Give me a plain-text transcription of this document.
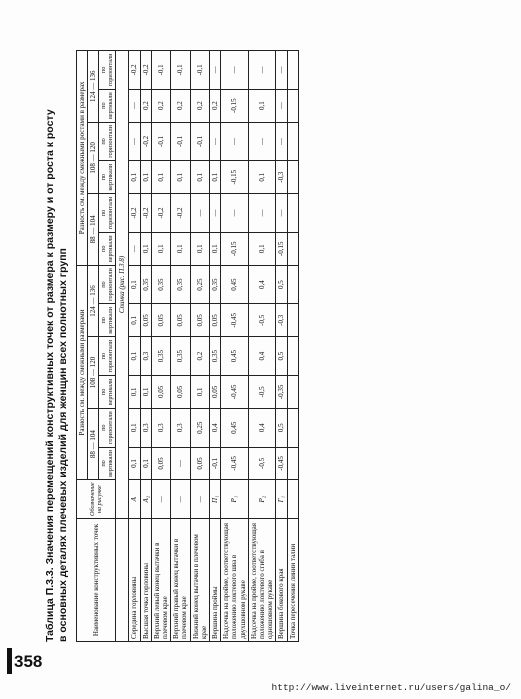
Таблица П.3.3. Значения перемещений конструктивных точек от размера к размеру и от роста к росту в основных деталях плечевых изделий для женщин всех полнотных групп	Наименование конструктивных точек	Обозначение на рисунке	Разность см. между смежными размерами						Разность см. между смежными ростами в размерах					
		88 — 104		108 — 120		124 — 136		88 — 104		108 — 120		124 — 136	
		по вертикали	по горизонтали	по вертикали	по горизонтали	по вертикали	по горизонтали	по вертикали	по горизонтали	по вертикали	по горизонтали	по вертикали	по горизонтали
	Спинка (рис. П.3.8)												
Середина горловины	A	0,1	0,1	0,1	0,1	0,1	0,1	—	-0,2	0,1	—	—	-0,2
Высшая точка горловины	A₂	0,1	0,3	0,1	0,3	0,05	0,35	0,1	-0,2	0,1	-0,2	0,2	-0,2
Верхний левый конец вытачки в плечевом крае	—	0,05	0,3	0,05	0,35	0,05	0,35	0,1	-0,2	0,1	-0,1	0,2	-0,1
Верхний правый конец вытачки в плечевом крае	—	—	0,3	0,05	0,35	0,05	0,35	0,1	-0,2	0,1	-0,1	0,2	-0,1
Нижний конец вытачки в плечевом крае	—	0,05	0,25	0,1	0,2	0,05	0,25	0,1	—	0,1	-0,1	0,2	-0,1
Вершина проймы	П₁	-0,1	0,4	0,05	0,35	0,05	0,35	0,1	—	0,1	—	0,2	—
Надсечка на пройме, соответствующая положению локтевого шва в двухшовном рукаве	Р₁	-0,45	0,45	-0,45	0,45	-0,45	0,45	-0,15	—	-0,15	—	-0,15	—
Надсечка на пройме, соответствующая положению локтевого сгиба в одношовном рукаве	Р₂	-0,5	0,4	-0,5	0,4	-0,5	0,4	0,1	—	0,1	—	0,1	—
Вершина бокового края	Г₁	-0,45	0,5	-0,35	0,5	-0,3	0,5	-0,15	—	-0,3	—	—	—
Точка пересечения линии талии													
358
http://www.liveinternet.ru/users/galina_o/
